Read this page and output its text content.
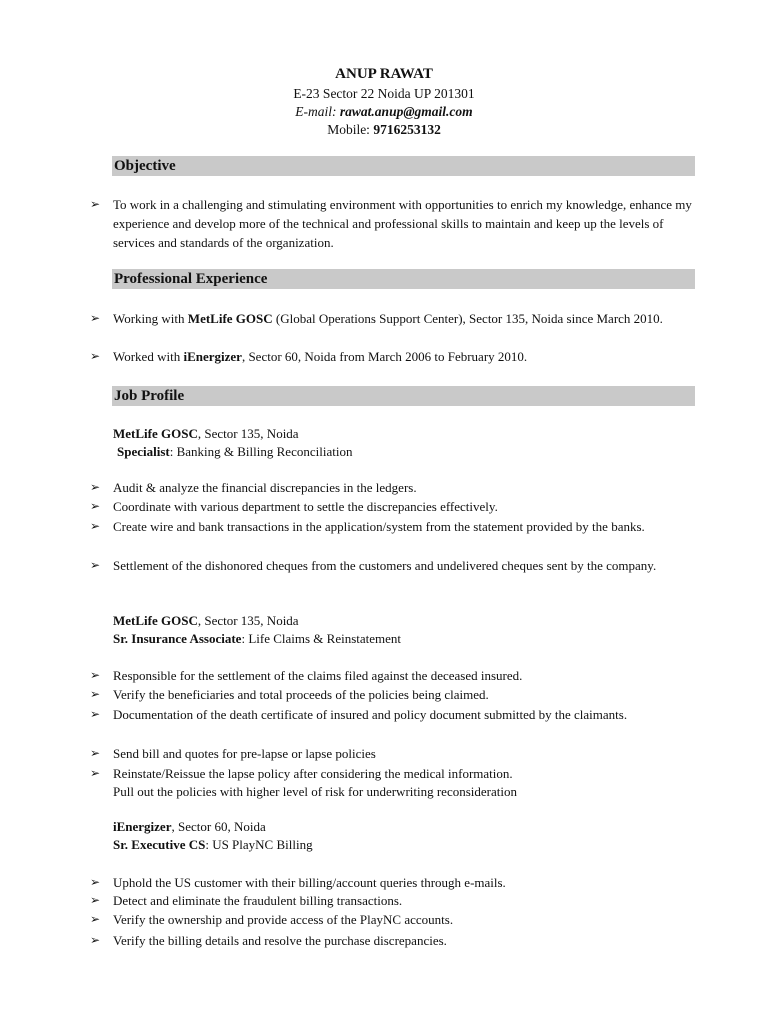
ANUP RAWAT
E-23 Sector 22 Noida UP 201301
E-mail: rawat.anup@gmail.com
Mobile: 9716253132
Objective
➢ To work in a challenging and stimulating environment with opportunities to enrich my knowledge, enhance my experience and develop more of the technical and professional skills to maintain and keep up the levels of services and standards of the organization.
Professional Experience
➢ Working with MetLife GOSC (Global Operations Support Center), Sector 135, Noida since March 2010.
➢ Worked with iEnergizer, Sector 60, Noida from March 2006 to February 2010.
Job Profile
MetLife GOSC, Sector 135, Noida
Specialist: Banking & Billing Reconciliation
➢ Audit & analyze the financial discrepancies in the ledgers.
➢ Coordinate with various department to settle the discrepancies effectively.
➢ Create wire and bank transactions in the application/system from the statement provided by the banks.
➢ Settlement of the dishonored cheques from the customers and undelivered cheques sent by the company.
MetLife GOSC, Sector 135, Noida
Sr. Insurance Associate: Life Claims & Reinstatement
➢ Responsible for the settlement of the claims filed against the deceased insured.
➢ Verify the beneficiaries and total proceeds of the policies being claimed.
➢ Documentation of the death certificate of insured and policy document submitted by the claimants.
➢ Send bill and quotes for pre-lapse or lapse policies
➢ Reinstate/Reissue the lapse policy after considering the medical information.
Pull out the policies with higher level of risk for underwriting reconsideration
iEnergizer, Sector 60, Noida
Sr. Executive CS: US PlayNC Billing
➢ Uphold the US customer with their billing/account queries through e-mails.
➢ Detect and eliminate the fraudulent billing transactions.
➢ Verify the ownership and provide access of the PlayNC accounts.
➢ Verify the billing details and resolve the purchase discrepancies.
